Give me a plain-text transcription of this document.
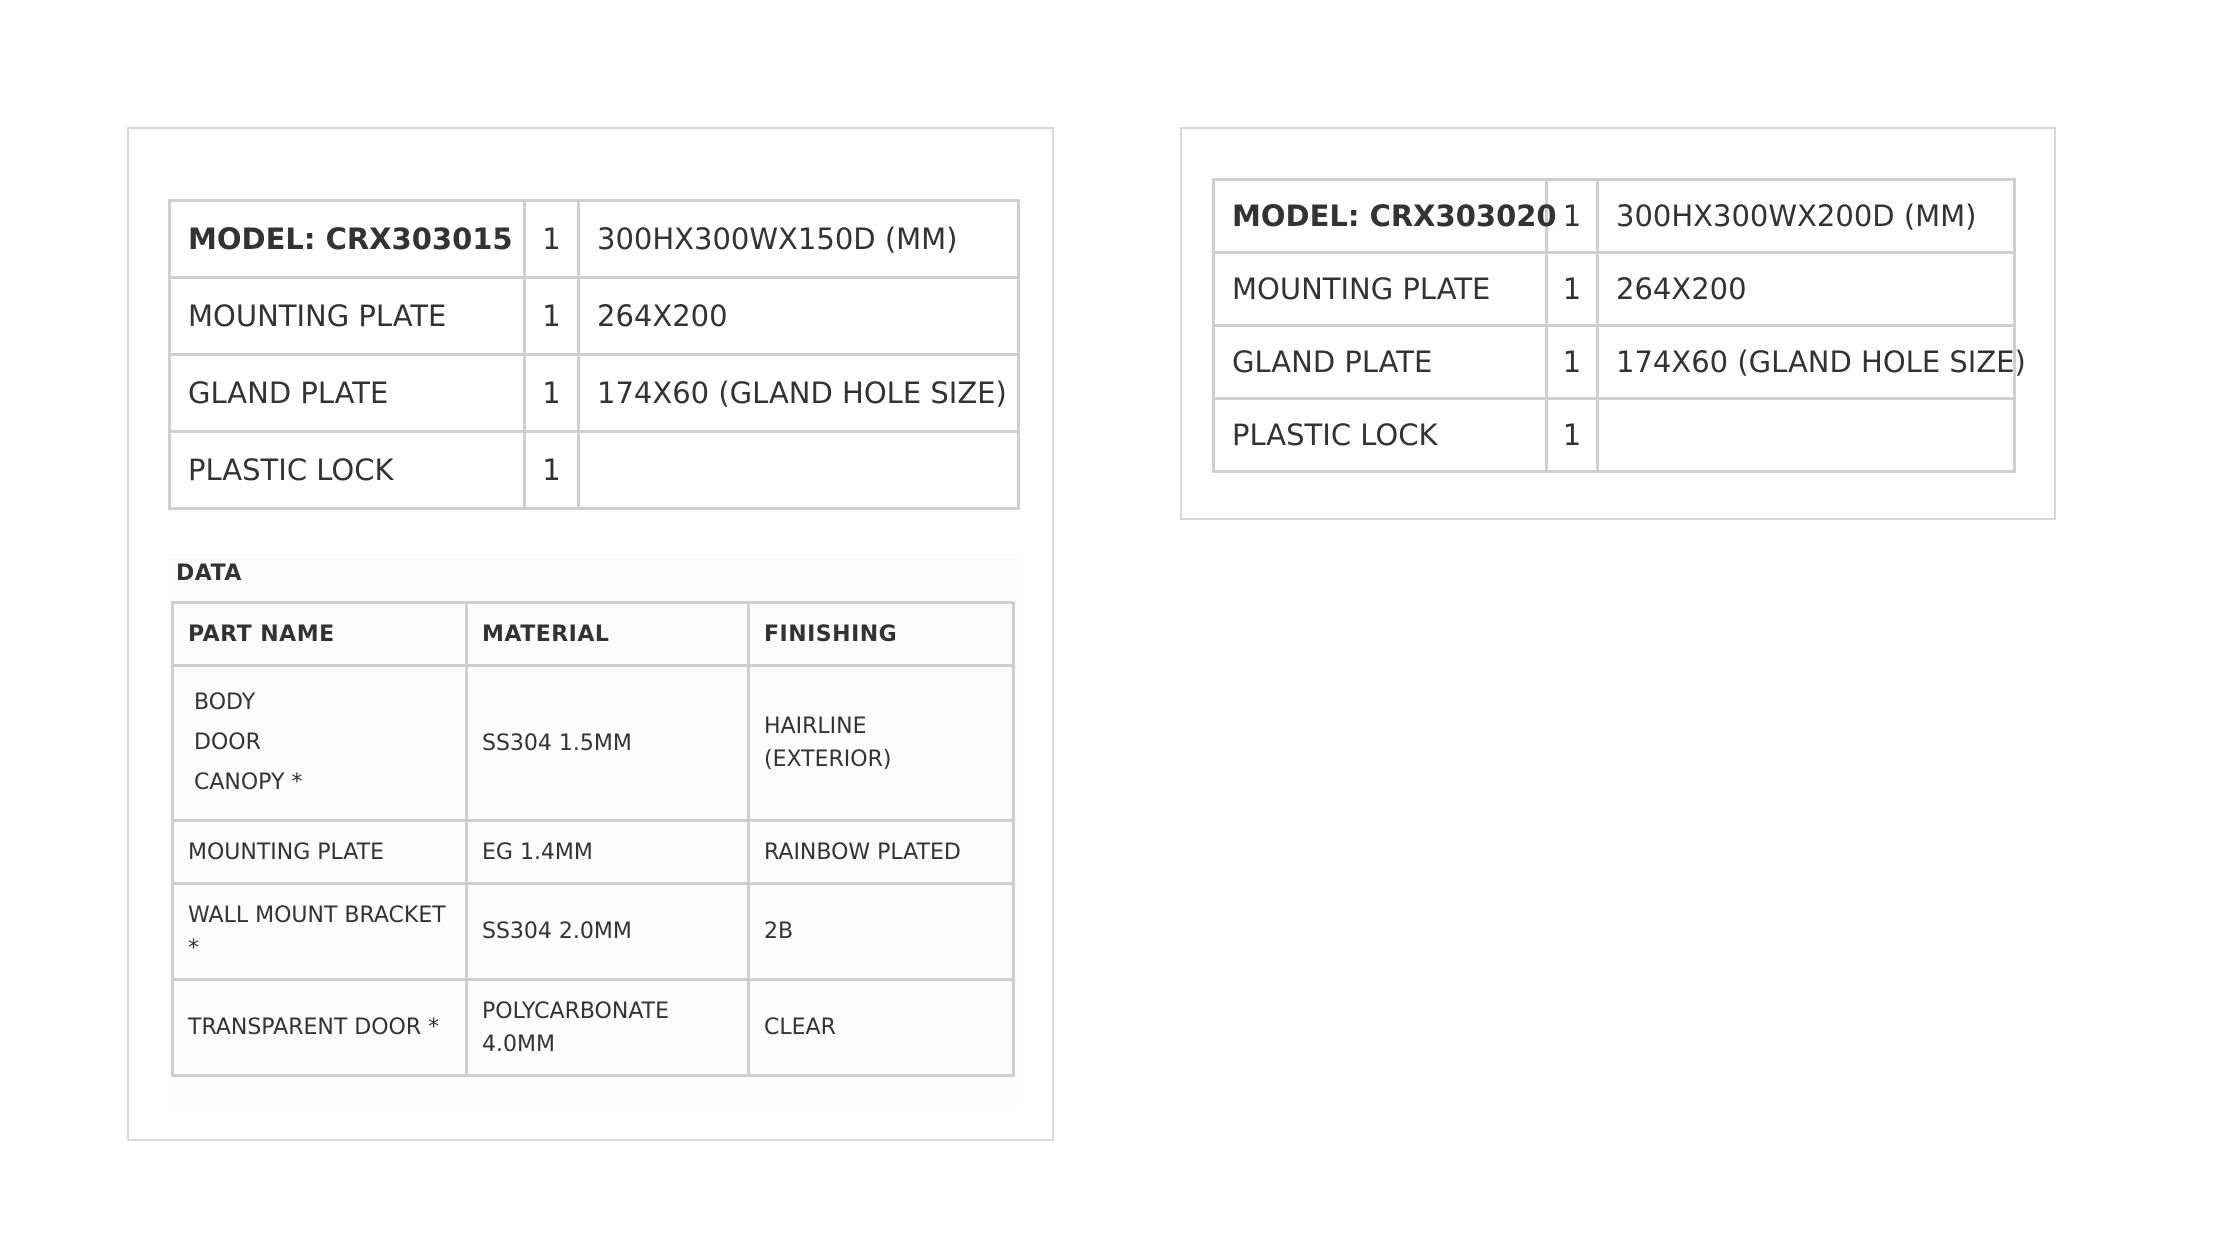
MODEL: CRX303015	1	300HX300WX150D (MM)
MOUNTING PLATE	1	264X200
GLAND PLATE	1	174X60 (GLAND HOLE SIZE)
PLASTIC LOCK	1	
DATA
PART NAME	MATERIAL	FINISHING

BODY
DOOR
CANOPY *	SS304 1.5MM	HAIRLINE (EXTERIOR)
MOUNTING PLATE	EG 1.4MM	RAINBOW PLATED
WALL MOUNT BRACKET *	SS304 2.0MM	2B
TRANSPARENT DOOR *	POLYCARBONATE 4.0MM	CLEAR
MODEL: CRX303020	1	300HX300WX200D (MM)
MOUNTING PLATE	1	264X200
GLAND PLATE	1	174X60 (GLAND HOLE SIZE)
PLASTIC LOCK	1	
